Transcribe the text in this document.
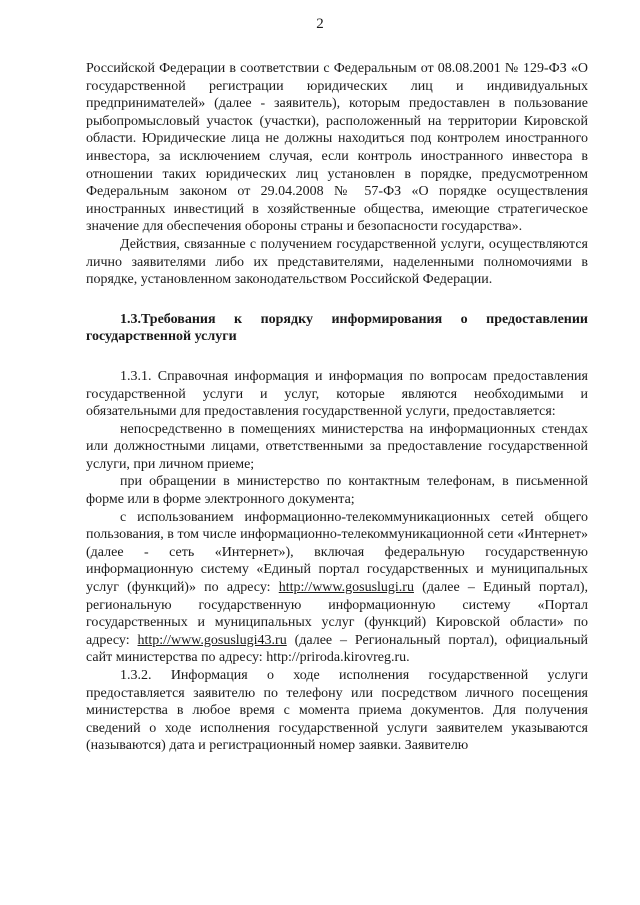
2

Российской Федерации в соответствии с Федеральным от 08.08.2001 № 129-ФЗ «О государственной регистрации юридических лиц и индивидуальных предпринимателей» (далее - заявитель), которым предоставлен в пользование рыбопромысловый участок (участки), расположенный на территории Кировской области. Юридические лица не должны находиться под контролем иностранного инвестора, за исключением случая, если контроль иностранного инвестора в отношении таких юридических лиц установлен в порядке, предусмотренном Федеральным законом от 29.04.2008 № 57-ФЗ «О порядке осуществления иностранных инвестиций в хозяйственные общества, имеющие стратегическое значение для обеспечения обороны страны и безопасности государства».

Действия, связанные с получением государственной услуги, осуществляются лично заявителями либо их представителями, наделенными полномочиями в порядке, установленном законодательством Российской Федерации.

1.3.Требования к порядку информирования о предоставлении государственной услуги

1.3.1. Справочная информация и информация по вопросам предоставления государственной услуги и услуг, которые являются необходимыми и обязательными для предоставления государственной услуги, предоставляется:

непосредственно в помещениях министерства на информационных стендах или должностными лицами, ответственными за предоставление государственной услуги, при личном приеме;

при обращении в министерство по контактным телефонам, в письменной форме или в форме электронного документа;

с использованием информационно-телекоммуникационных сетей общего пользования, в том числе информационно-телекоммуникационной сети «Интернет» (далее - сеть «Интернет»), включая федеральную государственную информационную систему «Единый портал государственных и муниципальных услуг (функций)» по адресу: http://www.gosuslugi.ru (далее – Единый портал), региональную государственную информационную систему «Портал государственных и муниципальных услуг (функций) Кировской области» по адресу: http://www.gosuslugi43.ru (далее – Региональный портал), официальный сайт министерства по адресу: http://priroda.kirovreg.ru.

1.3.2. Информация о ходе исполнения государственной услуги предоставляется заявителю по телефону или посредством личного посещения министерства в любое время с момента приема документов. Для получения сведений о ходе исполнения государственной услуги заявителем указываются (называются) дата и регистрационный номер заявки. Заявителю
